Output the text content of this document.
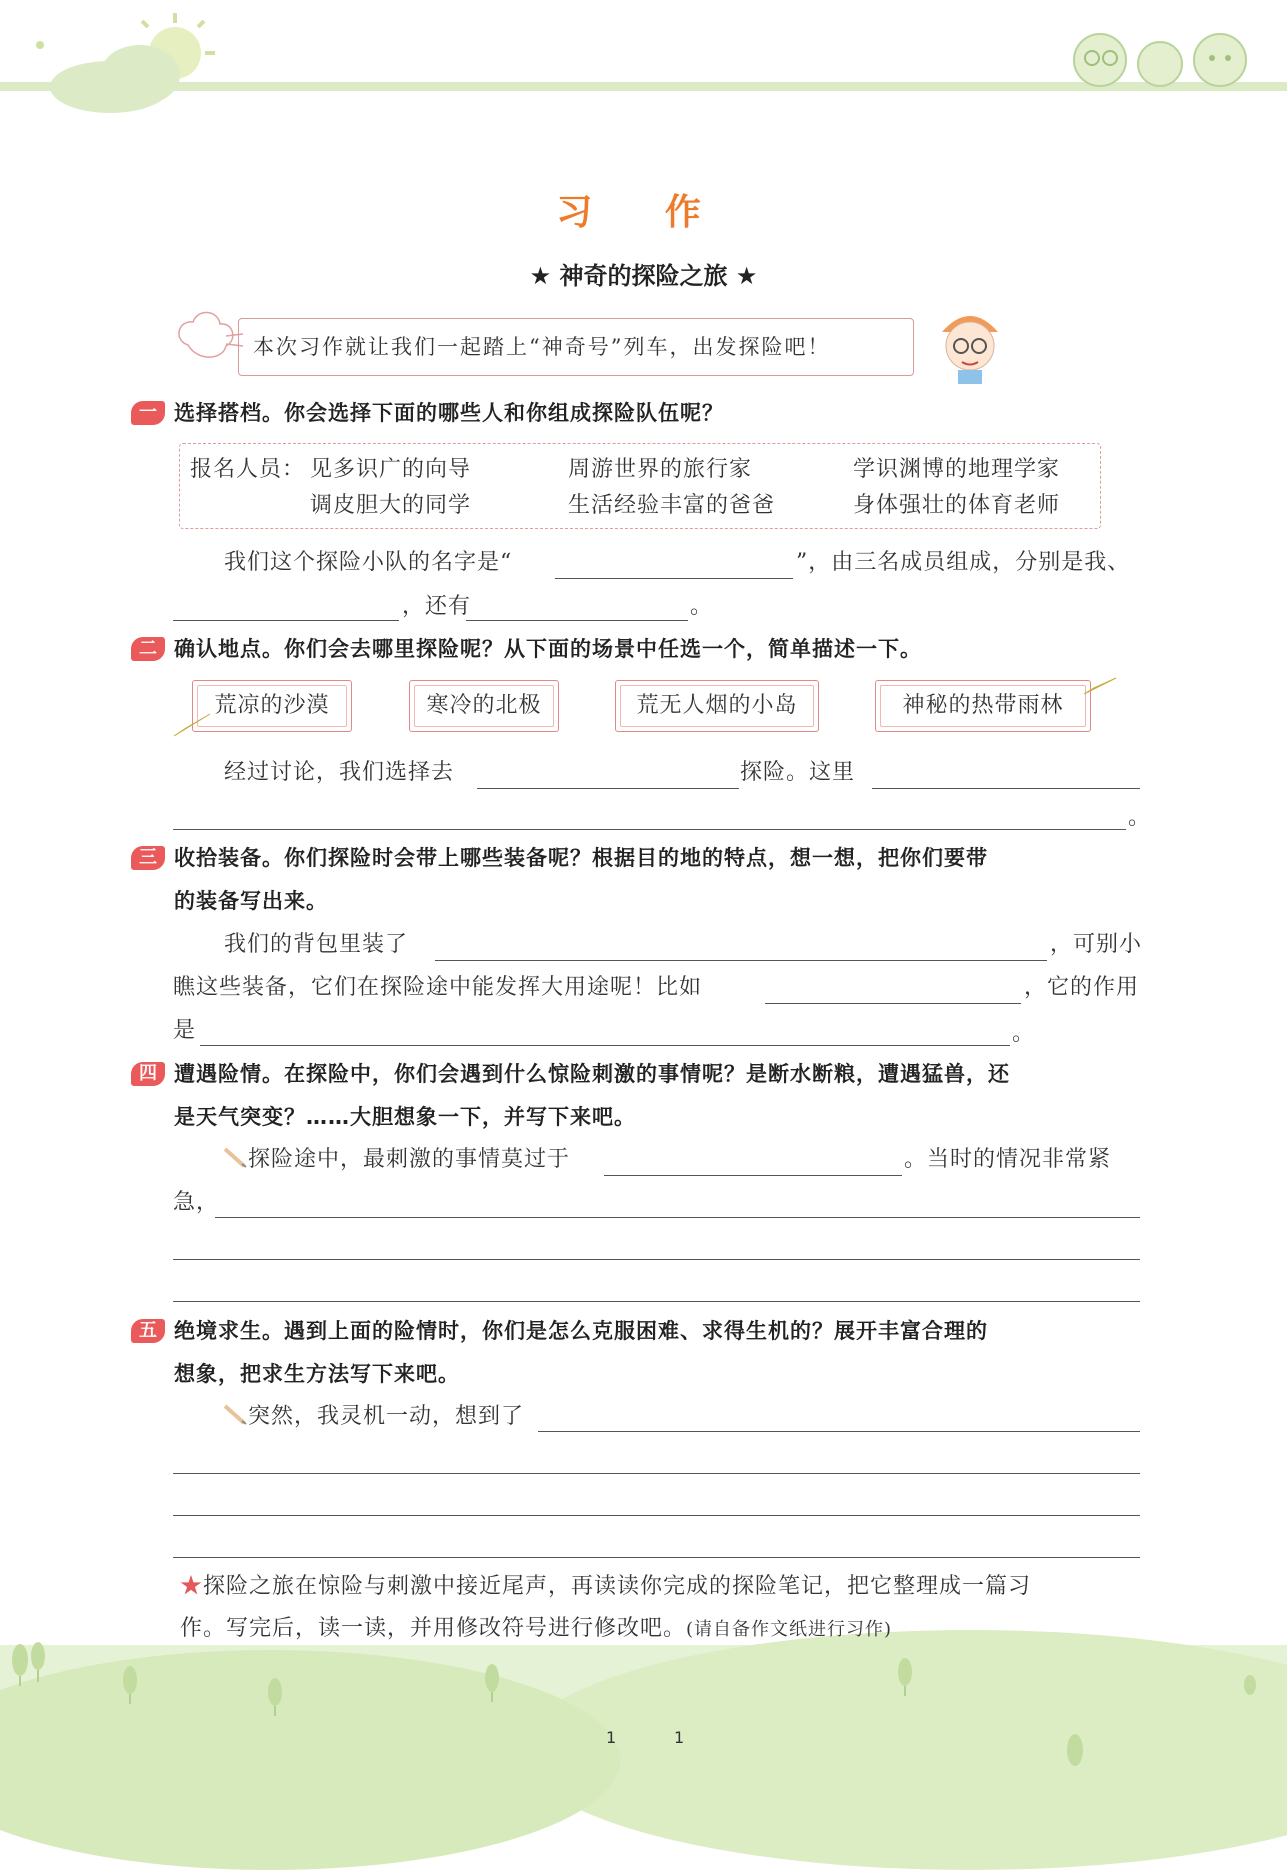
习 作
★ 神奇的探险之旅 ★
本次习作就让我们一起踏上“神奇号”列车，出发探险吧！
一 选择搭档。你会选择下面的哪些人和你组成探险队伍呢？
报名人员： 见多识广的向导	周游世界的旅行家	学识渊博的地理学家
调皮胆大的同学	生活经验丰富的爸爸	身体强壮的体育老师
我们这个探险小队的名字是“	”，由三名成员组成，分别是我、
，还有	。
二 确认地点。你们会去哪里探险呢？从下面的场景中任选一个，简单描述一下。
荒凉的沙漠	寒冷的北极	荒无人烟的小岛	神秘的热带雨林
经过讨论，我们选择去	探险。这里
。
三 收拾装备。你们探险时会带上哪些装备呢？根据目的地的特点，想一想，把你们要带
的装备写出来。
我们的背包里装了	，可别小
瞧这些装备，它们在探险途中能发挥大用途呢！比如	，它的作用
是	。
四 遭遇险情。在探险中，你们会遇到什么惊险刺激的事情呢？是断水断粮，遭遇猛兽，还
是天气突变？……大胆想象一下，并写下来吧。
探险途中，最刺激的事情莫过于	。当时的情况非常紧
急，
五 绝境求生。遇到上面的险情时，你们是怎么克服困难、求得生机的？展开丰富合理的
想象，把求生方法写下来吧。
突然，我灵机一动，想到了
★探险之旅在惊险与刺激中接近尾声，再读读你完成的探险笔记，把它整理成一篇习
作。写完后，读一读，并用修改符号进行修改吧。(请自备作文纸进行习作)
1	1
